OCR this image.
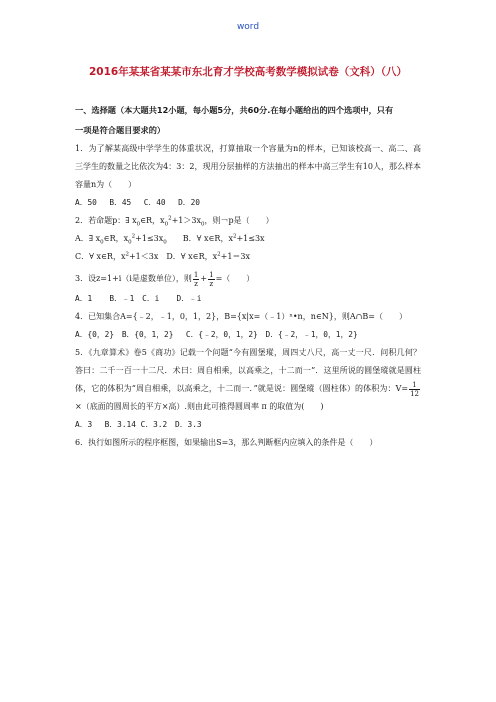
word
2016年某某省某某市东北育才学校高考数学模拟试卷（文科）（八）
一、选择题（本大题共12小题，每小题5分，共60分.在每小题给出的四个选项中，只有
一项是符合题目要求的）
1．为了解某高级中学学生的体重状况，打算抽取一个容量为n的样本，已知该校高一、高二、高三学生的数量之比依次为4：3：2，现用分层抽样的方法抽出的样本中高三学生有10人，那么样本容量n为（　　）
A．50　 B．45　 C．40　 D．20
2．若命题p：∃ $x_0\in R$，$x_0^2+1>3x_0$，则￢p是（　　）
A．∃ $x_0\in R$，$x_0^2+1\le 3x_0$　　B．∀ x∈R，$x^2+1\le 3x$
C．∀ x∈R，$x^2+1<3x$　D．∀ x∈R，$x^2+1=3x$
3．设z=1+i（i是虚数单位），则 $\frac{1}{z} + \frac{1}{z}$ =（　　）
A．1　  B．﹣1　C．i　  D．﹣i
4．已知集合A={﹣2，﹣1，0，1，2}，B={x|x=（﹣1）ⁿ•n，n∈N}，则A∩B=（　　）
A．{0，2}　B．{0，1，2}　 C．{﹣2，0，1，2}　D．{﹣2，﹣1，0，1，2}
5．《九章算术》卷5《商功》记载一个问题“今有圆堡瑽，周四丈八尺，高一丈一尺．问积几何？答曰：二千一百一十二尺．术曰：周自相乘，以高乘之，十二而一”．这里所说的圆堡瑽就是圆柱体，它的体积为“周自相乘，以高乘之，十二而一．”就是说：圆堡瑽（圆柱体）的体积为：$V= \frac{1}{12}$
×（底面的圆周长的平方×高）.则由此可推得圆周率 π 的取值为(　　)
A．3　 B．3.14 C．3.2　D．3.3
6．执行如图所示的程序框图，如果输出S=3，那么判断框内应填入的条件是（　　）
